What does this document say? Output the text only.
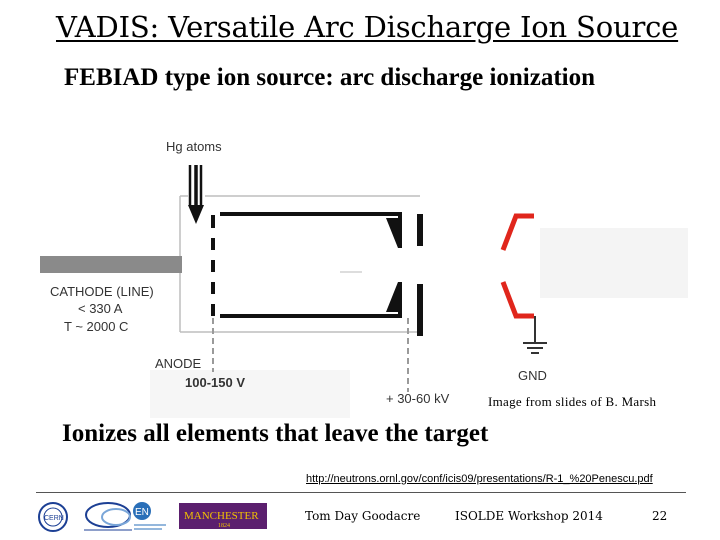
VADIS: Versatile Arc Discharge Ion Source
FEBIAD type ion source: arc discharge ionization
Hg atoms
CATHODE (LINE)
< 330 A
T ~ 2000 C
ANODE
100-150 V
+ 30-60 kV
GND
Image from slides of B. Marsh
Ionizes all elements that leave the target
http://neutrons.ornl.gov/conf/icis09/presentations/R-1_%20Penescu.pdf
CERN
EN	MANCHESTER
1824
Tom Day Goodacre	ISOLDE Workshop 2014	22
